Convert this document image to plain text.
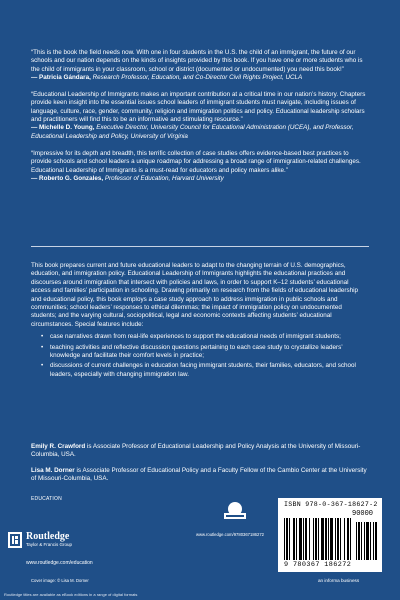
“This is the book the field needs now. With one in four students in the U.S. the child of an immigrant, the future of our schools and our nation depends on the kinds of insights provided by this book. If you have one or more students who is the child of immigrants in your classroom, school or district (documented or undocumented) you need this book!”
— Patricia Gándara, Research Professor, Education, and Co-Director Civil Rights Project, UCLA
“Educational Leadership of Immigrants makes an important contribution at a critical time in our nation’s history. Chapters provide keen insight into the essential issues school leaders of immigrant students must navigate, including issues of language, culture, race, gender, community, religion and immigration politics and policy. Educational leadership scholars and practitioners will find this to be an informative and stimulating resource.”
— Michelle D. Young, Executive Director, University Council for Educational Administration (UCEA), and Professor, Educational Leadership and Policy, University of Virginia
“Impressive for its depth and breadth, this terrific collection of case studies offers evidence-based best practices to provide schools and school leaders a unique roadmap for addressing a broad range of immigration-related challenges. Educational Leadership of Immigrants is a must-read for educators and policy makers alike.”
— Roberto G. Gonzales, Professor of Education, Harvard University

This book prepares current and future educational leaders to adapt to the changing terrain of U.S. demographics, education, and immigration policy. Educational Leadership of Immigrants highlights the educational practices and discourses around immigration that intersect with policies and laws, in order to support K–12 students’ educational access and families’ participation in schooling. Drawing primarily on research from the fields of educational leadership and educational policy, this book employs a case study approach to address immigration in public schools and communities; school leaders’ responses to ethical dilemmas; the impact of immigration policy on undocumented students; and the varying cultural, sociopolitical, legal and economic contexts affecting students’ educational circumstances. Special features include:

• case narratives drawn from real-life experiences to support the educational needs of immigrant students;
• teaching activities and reflective discussion questions pertaining to each case study to crystallize leaders’ knowledge and facilitate their comfort levels in practice;
• discussions of current challenges in education facing immigrant students, their families, educators, and school leaders, especially with changing immigration law.
Emily R. Crawford is Associate Professor of Educational Leadership and Policy Analysis at the University of Missouri-Columbia, USA.
Lisa M. Dorner is Associate Professor of Educational Policy and a Faculty Fellow of the Cambio Center at the University of Missouri-Columbia, USA.
EDUCATION
www.routledge.com/9780367186272
ISBN 978-0-367-18627-2
90000
9 780367 186272
Routledge
Taylor & Francis Group
www.routledge.com/education
Cover image: © Lisa M. Dorner	an informa business
Routledge titles are available as eBook editions in a range of digital formats
